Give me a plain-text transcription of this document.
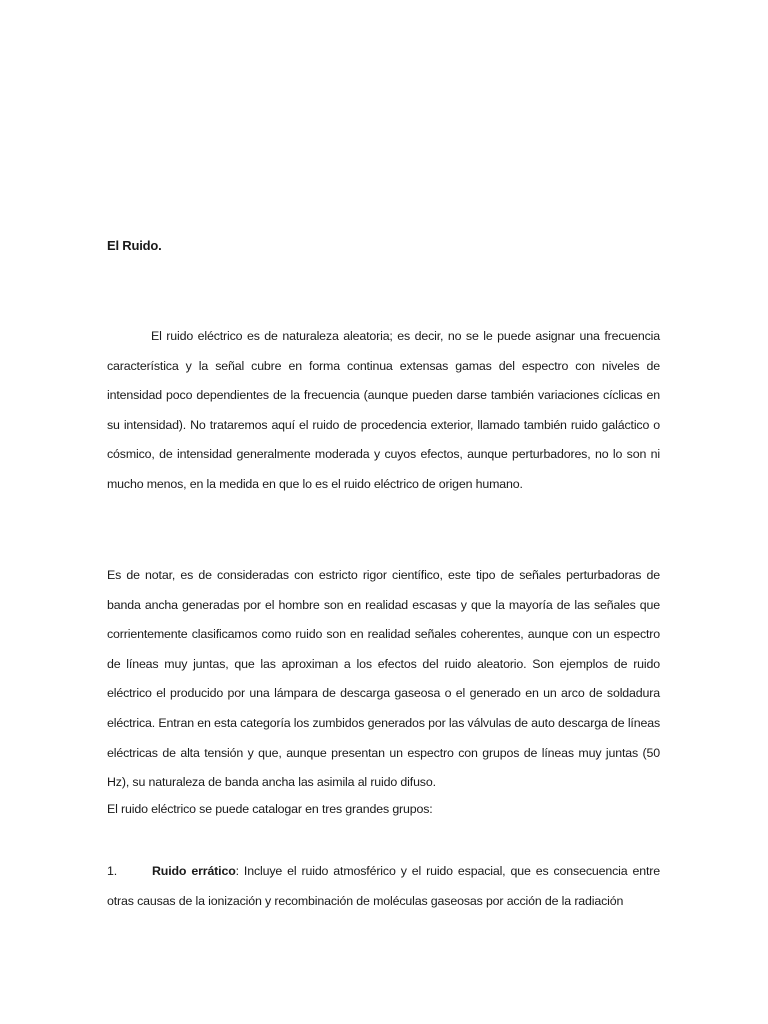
El Ruido.

El ruido eléctrico es de naturaleza aleatoria; es decir, no se le puede asignar una frecuencia característica y la señal cubre en forma continua extensas gamas del espectro con niveles de intensidad poco dependientes de la frecuencia (aunque pueden darse también variaciones cíclicas en su intensidad). No trataremos aquí el ruido de procedencia exterior, llamado también ruido galáctico o cósmico, de intensidad generalmente moderada y cuyos efectos, aunque perturbadores, no lo son ni mucho menos, en la medida en que lo es el ruido eléctrico de origen humano.

Es de notar, es de consideradas con estricto rigor científico, este tipo de señales perturbadoras de banda ancha generadas por el hombre son en realidad escasas y que la mayoría de las señales que corrientemente clasificamos como ruido son en realidad señales coherentes, aunque con un espectro de líneas muy juntas, que las aproximan a los efectos del ruido aleatorio. Son ejemplos de ruido eléctrico el producido por una lámpara de descarga gaseosa o el generado en un arco de soldadura eléctrica. Entran en esta categoría los zumbidos generados por las válvulas de auto descarga de líneas eléctricas de alta tensión y que, aunque presentan un espectro con grupos de líneas muy juntas (50 Hz), su naturaleza de banda ancha las asimila al ruido difuso.

El ruido eléctrico se puede catalogar en tres grandes grupos:

1.	Ruido errático: Incluye el ruido atmosférico y el ruido espacial, que es consecuencia entre otras causas de la ionización y recombinación de moléculas gaseosas por acción de la radiación
